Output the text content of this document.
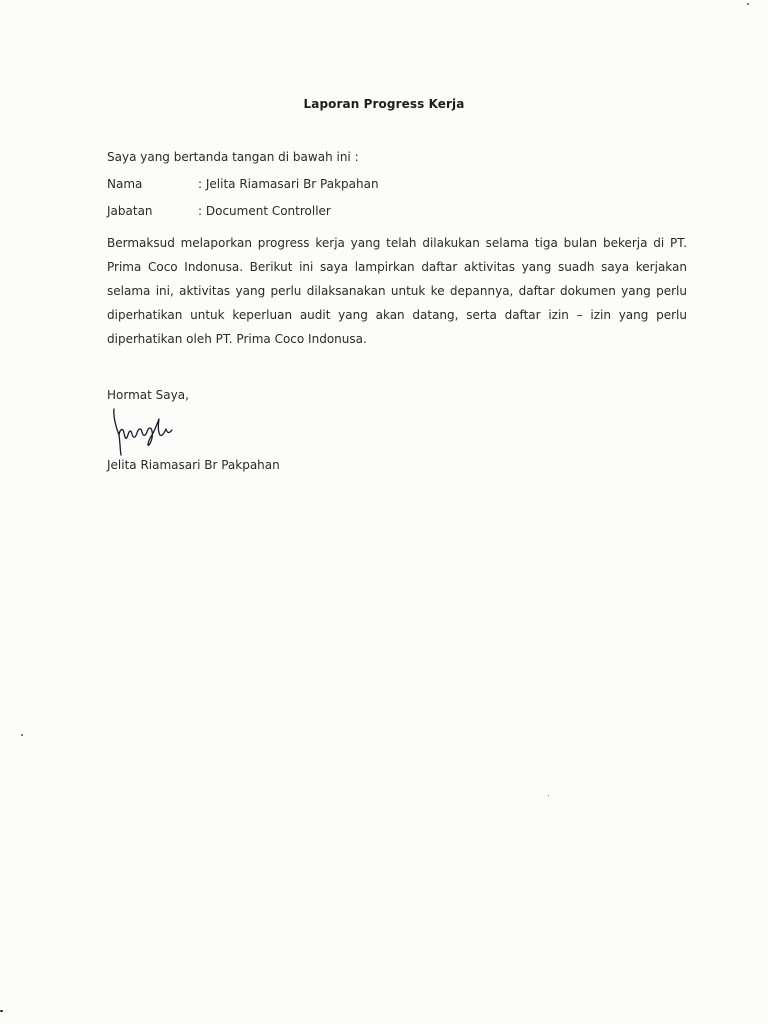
Laporan Progress Kerja
Saya yang bertanda tangan di bawah ini :
Nama	: Jelita Riamasari Br Pakpahan
Jabatan	: Document Controller
Bermaksud melaporkan progress kerja yang telah dilakukan selama tiga bulan bekerja di PT. Prima Coco Indonusa. Berikut ini saya lampirkan daftar aktivitas yang suadh saya kerjakan selama ini, aktivitas yang perlu dilaksanakan untuk ke depannya, daftar dokumen yang perlu diperhatikan untuk keperluan audit yang akan datang, serta daftar izin – izin yang perlu diperhatikan oleh PT. Prima Coco Indonusa.
Hormat Saya,
Jelita Riamasari Br Pakpahan
